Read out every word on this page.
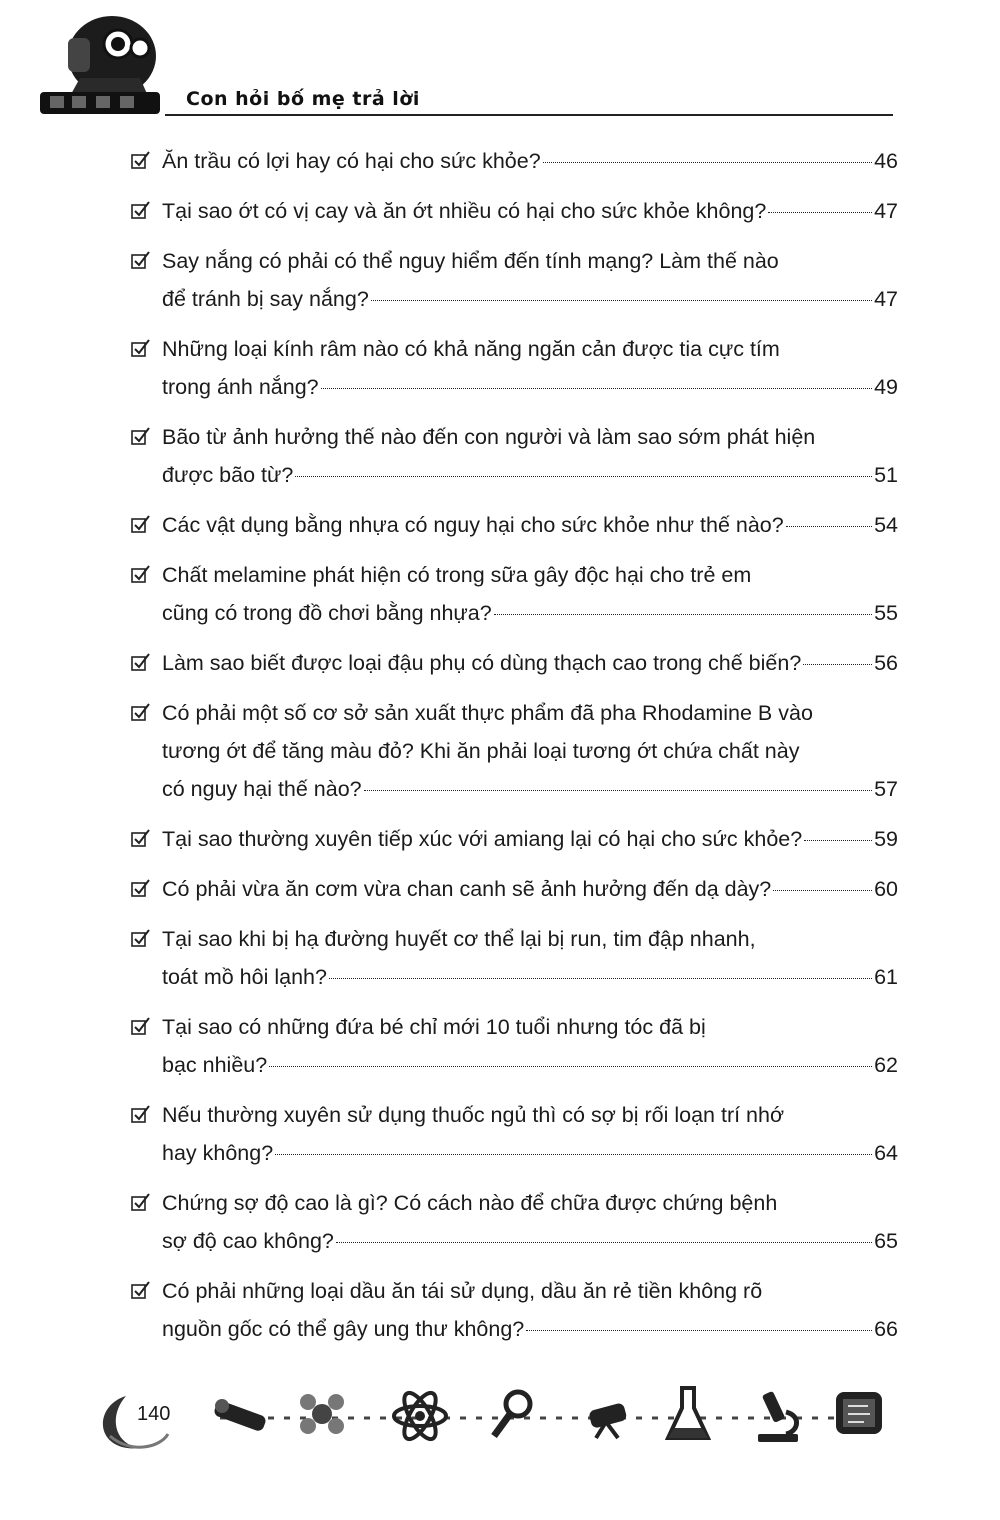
Con hỏi bố mẹ trả lời
Ăn trầu có lợi hay có hại cho sức khỏe?	46
Tại sao ớt có vị cay và ăn ớt nhiều có hại cho sức khỏe không?	47
Say nắng có phải có thể nguy hiểm đến tính mạng? Làm thế nào
để tránh bị say nắng?	47
Những loại kính râm nào có khả năng ngăn cản được tia cực tím
trong ánh nắng?	49
Bão từ ảnh hưởng thế nào đến con người và làm sao sớm phát hiện
được bão từ?	51
Các vật dụng bằng nhựa có nguy hại cho sức khỏe như thế nào?	54
Chất melamine phát hiện có trong sữa gây độc hại cho trẻ em
cũng có trong đồ chơi bằng nhựa?	55
Làm sao biết được loại đậu phụ có dùng thạch cao trong chế biến?	56
Có phải một số cơ sở sản xuất thực phẩm đã pha Rhodamine B vào
tương ớt để tăng màu đỏ? Khi ăn phải loại tương ớt chứa chất này
có nguy hại thế nào?	57
Tại sao thường xuyên tiếp xúc với amiang lại có hại cho sức khỏe?	59
Có phải vừa ăn cơm vừa chan canh sẽ ảnh hưởng đến dạ dày?	60
Tại sao khi bị hạ đường huyết cơ thể lại bị run, tim đập nhanh,
toát mồ hôi lạnh?	61
Tại sao có những đứa bé chỉ mới 10 tuổi nhưng tóc đã bị
bạc nhiều?	62
Nếu thường xuyên sử dụng thuốc ngủ thì có sợ bị rối loạn trí nhớ
hay không?	64
Chứng sợ độ cao là gì? Có cách nào để chữa được chứng bệnh
sợ độ cao không?	65
Có phải những loại dầu ăn tái sử dụng, dầu ăn rẻ tiền không rõ
nguồn gốc có thể gây ung thư không?	66
140
